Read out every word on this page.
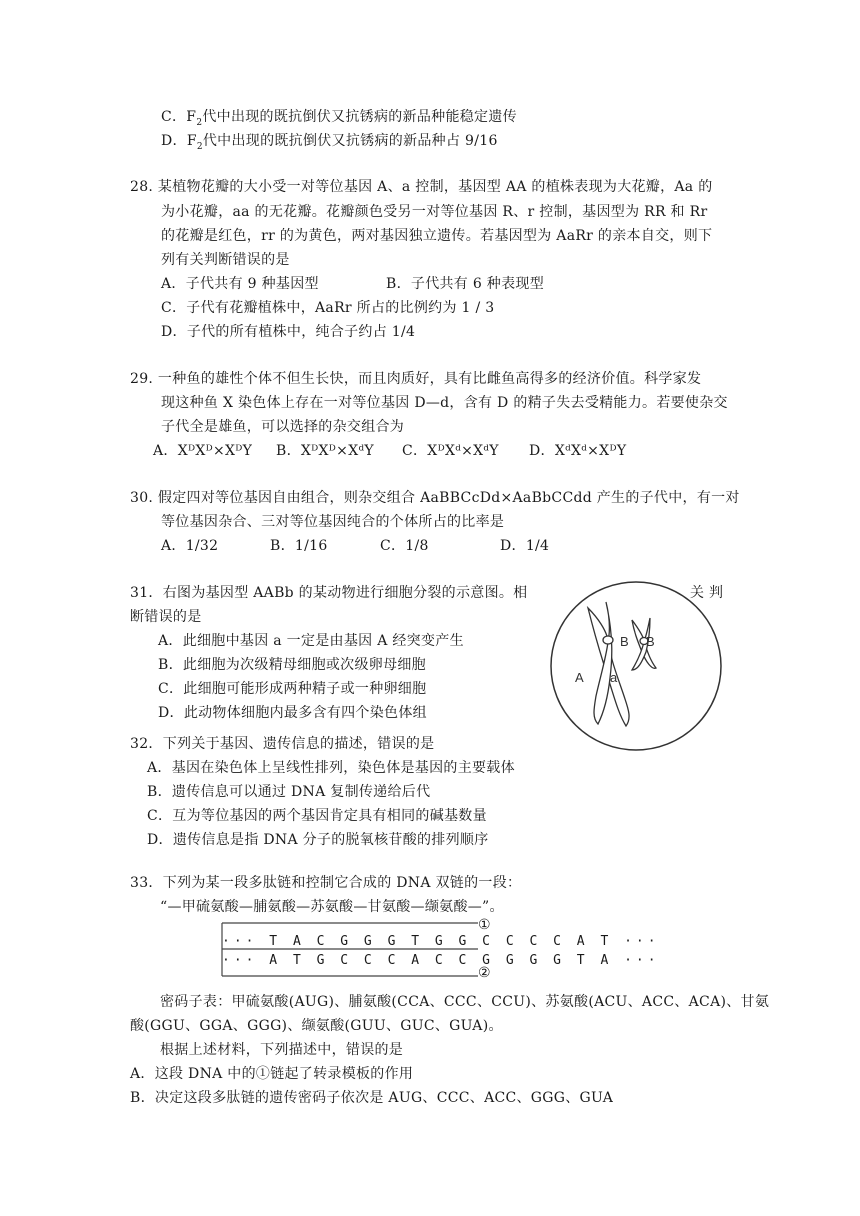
C．$F_2$代中出现的既抗倒伏又抗锈病的新品种能稳定遗传
D．$F_2$代中出现的既抗倒伏又抗锈病的新品种占 9/16
28. 某植物花瓣的大小受一对等位基因 A、a 控制，基因型 AA 的植株表现为大花瓣，Aa 的
为小花瓣，aa 的无花瓣。花瓣颜色受另一对等位基因 R、r 控制，基因型为 RR 和 Rr
的花瓣是红色，rr 的为黄色，两对基因独立遗传。若基因型为 AaRr 的亲本自交，则下
列有关判断错误的是
A．子代共有 9 种基因型	B．子代共有 6 种表现型
C．子代有花瓣植株中，AaRr 所占的比例约为 1 / 3
D．子代的所有植株中，纯合子约占 1/4
29. 一种鱼的雄性个体不但生长快，而且肉质好，具有比雌鱼高得多的经济价值。科学家发
现这种鱼 X 染色体上存在一对等位基因 D—d，含有 D 的精子失去受精能力。若要使杂交
子代全是雄鱼，可以选择的杂交组合为
A．XᴰXᴰ×XᴰY B．XᴰXᴰ×XᵈY C．XᴰXᵈ×XᵈY D．XᵈXᵈ×XᴰY
30. 假定四对等位基因自由组合，则杂交组合 AaBBCcDd×AaBbCCdd 产生的子代中，有一对
等位基因杂合、三对等位基因纯合的个体所占的比率是
A．1/32	B．1/16	C．1/8	D．1/4
31．右图为基因型 AABb 的某动物进行细胞分裂的示意图。相	关 判
断错误的是
A．此细胞中基因 a 一定是由基因 A 经突变产生
B．此细胞为次级精母细胞或次级卵母细胞
C．此细胞可能形成两种精子或一种卵细胞
D．此动物体细胞内最多含有四个染色体组
A a
B B
32．下列关于基因、遗传信息的描述，错误的是
A．基因在染色体上呈线性排列，染色体是基因的主要载体
B．遗传信息可以通过 DNA 复制传递给后代
C．互为等位基因的两个基因肯定具有相同的碱基数量
D．遗传信息是指 DNA 分子的脱氧核苷酸的排列顺序
33．下列为某一段多肽链和控制它合成的 DNA 双链的一段：
“—甲硫氨酸—脯氨酸—苏氨酸—甘氨酸—缬氨酸—”。
··· T A C G G G T G G C C C C A T ···
··· A T G C C C A C C G G G G T A ···
①
②
密码子表：甲硫氨酸(AUG)、脯氨酸(CCA、CCC、CCU)、苏氨酸(ACU、ACC、ACA)、甘氨
酸(GGU、GGA、GGG)、缬氨酸(GUU、GUC、GUA)。
根据上述材料，下列描述中，错误的是
A．这段 DNA 中的①链起了转录模板的作用
B．决定这段多肽链的遗传密码子依次是 AUG、CCC、ACC、GGG、GUA
